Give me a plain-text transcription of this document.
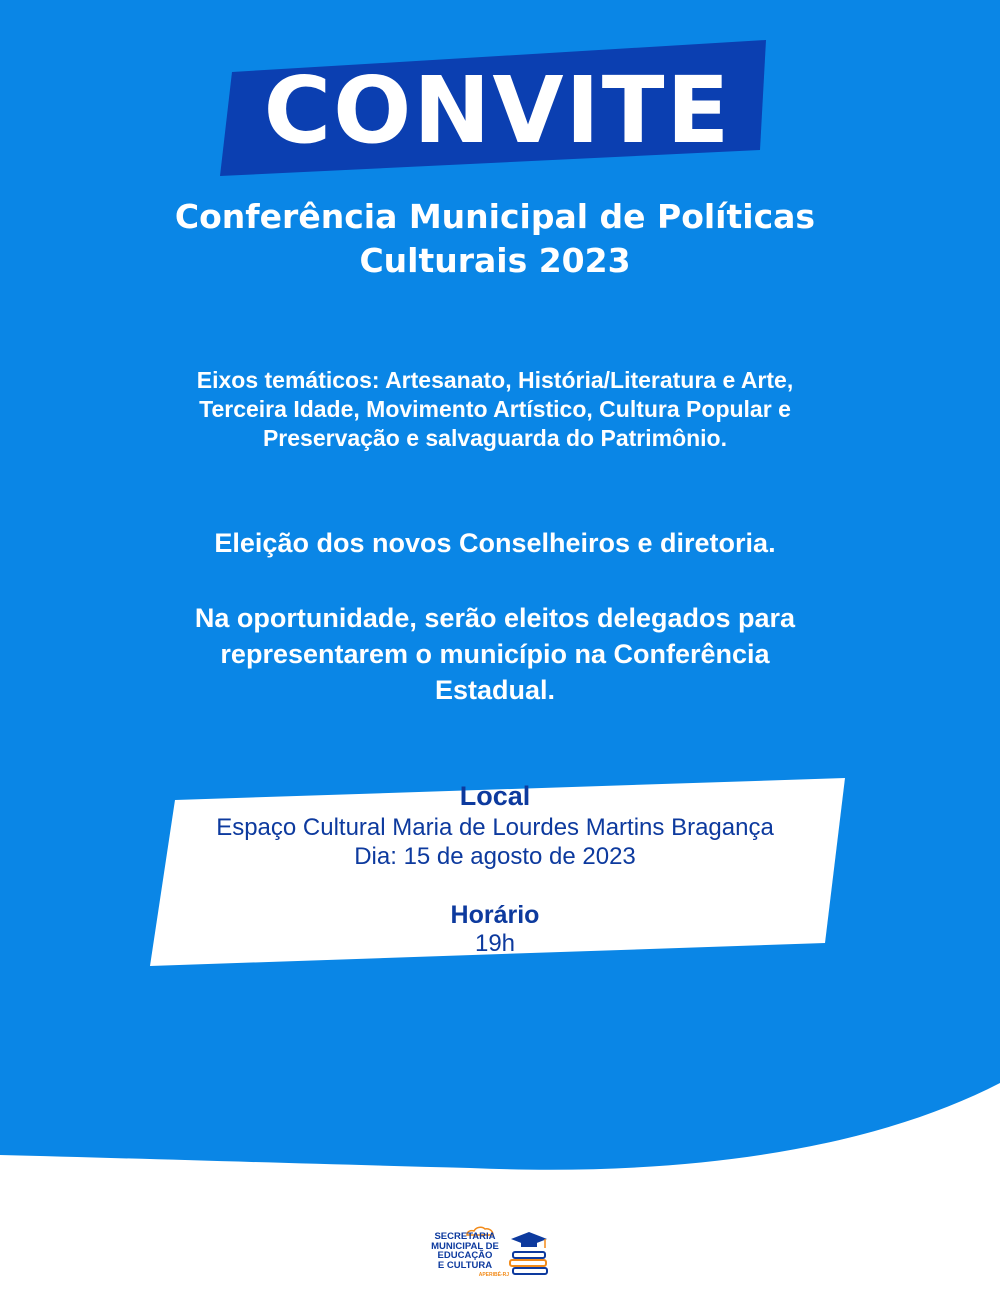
CONVITE
Conferência Municipal de Políticas
Culturais 2023
Eixos temáticos: Artesanato, História/Literatura e Arte,
Terceira Idade, Movimento Artístico, Cultura Popular e
Preservação e salvaguarda do Patrimônio.
Eleição dos novos Conselheiros e diretoria.
Na oportunidade, serão eleitos delegados para
representarem o município na Conferência
Estadual.
Local
Espaço Cultural Maria de Lourdes Martins Bragança
Dia: 15 de agosto de 2023
Horário
19h
SECRETARIA
MUNICIPAL DE
EDUCAÇÃO
E CULTURA
APERIBÉ-RJ
